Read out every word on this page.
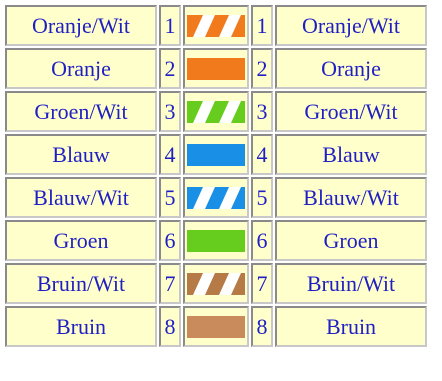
Oranje/Wit	1		1	Oranje/Wit
Oranje	2		2	Oranje
Groen/Wit	3		3	Groen/Wit
Blauw	4		4	Blauw
Blauw/Wit	5		5	Blauw/Wit
Groen	6		6	Groen
Bruin/Wit	7		7	Bruin/Wit
Bruin	8		8	Bruin
